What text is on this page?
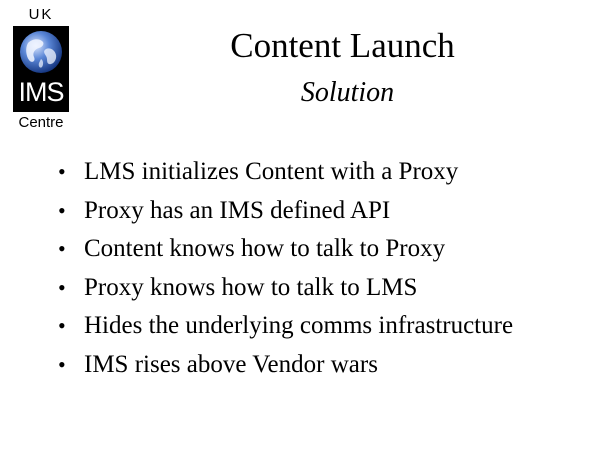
UK
IMS
Centre
Content Launch
Solution
• LMS initializes Content with a Proxy
• Proxy has an IMS defined API
• Content knows how to talk to Proxy
• Proxy knows how to talk to LMS
• Hides the underlying comms infrastructure
• IMS rises above Vendor wars
